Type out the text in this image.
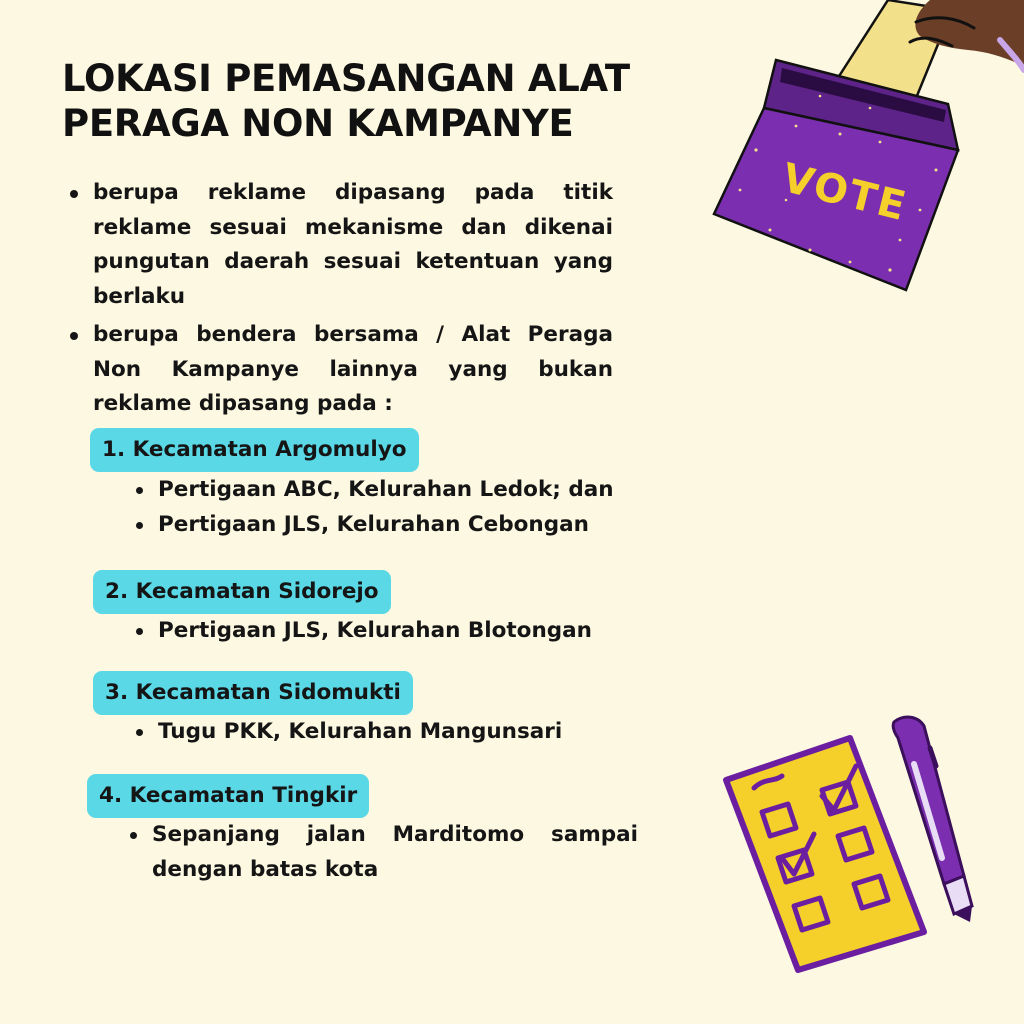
LOKASI PEMASANGAN ALAT
PERAGA NON KAMPANYE
berupa reklame dipasang pada titik reklame sesuai mekanisme dan dikenai pungutan daerah sesuai ketentuan yang berlaku
berupa bendera bersama / Alat Peraga Non Kampanye lainnya yang bukan reklame dipasang pada :
1. Kecamatan Argomulyo
Pertigaan ABC, Kelurahan Ledok; dan
Pertigaan JLS, Kelurahan Cebongan
2. Kecamatan Sidorejo
Pertigaan JLS, Kelurahan Blotongan
3. Kecamatan Sidomukti
Tugu PKK, Kelurahan Mangunsari
4. Kecamatan Tingkir
Sepanjang jalan Marditomo sampai dengan batas kota
VOTE
